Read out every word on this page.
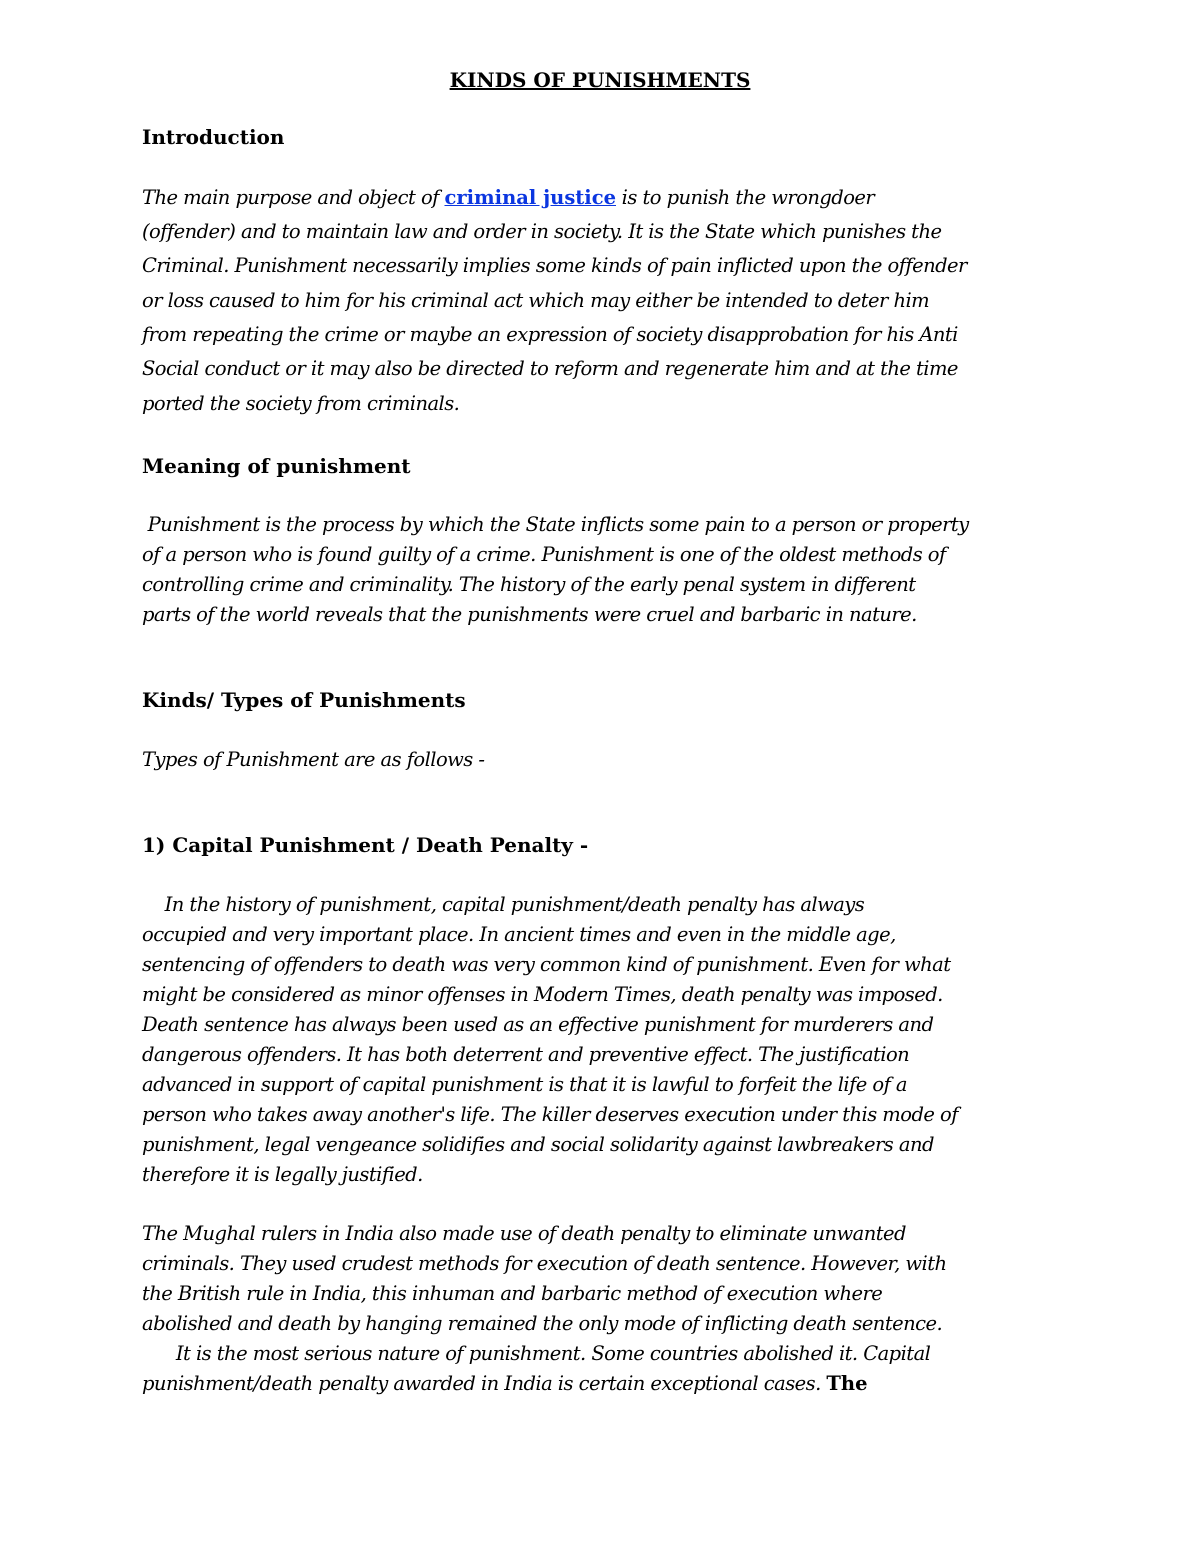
KINDS OF PUNISHMENTS
Introduction
The main purpose and object of criminal justice is to punish the wrongdoer
(offender) and to maintain law and order in society. It is the State which punishes the
Criminal. Punishment necessarily implies some kinds of pain inflicted upon the offender
or loss caused to him for his criminal act which may either be intended to deter him
from repeating the crime or maybe an expression of society disapprobation for his Anti
Social conduct or it may also be directed to reform and regenerate him and at the time
ported the society from criminals.
Meaning of punishment
Punishment is the process by which the State inflicts some pain to a person or property
of a person who is found guilty of a crime. Punishment is one of the oldest methods of
controlling crime and criminality. The history of the early penal system in different
parts of the world reveals that the punishments were cruel and barbaric in nature.
Kinds/ Types of Punishments
Types of Punishment are as follows -
1) Capital Punishment / Death Penalty -
In the history of punishment, capital punishment/death penalty has always
occupied and very important place. In ancient times and even in the middle age,
sentencing of offenders to death was very common kind of punishment. Even for what
might be considered as minor offenses in Modern Times, death penalty was imposed.
Death sentence has always been used as an effective punishment for murderers and
dangerous offenders. It has both deterrent and preventive effect. The justification
advanced in support of capital punishment is that it is lawful to forfeit the life of a
person who takes away another's life. The killer deserves execution under this mode of
punishment, legal vengeance solidifies and social solidarity against lawbreakers and
therefore it is legally justified.
The Mughal rulers in India also made use of death penalty to eliminate unwanted
criminals. They used crudest methods for execution of death sentence. However, with
the British rule in India, this inhuman and barbaric method of execution where
abolished and death by hanging remained the only mode of inflicting death sentence.
It is the most serious nature of punishment. Some countries abolished it. Capital
punishment/death penalty awarded in India is certain exceptional cases. The
